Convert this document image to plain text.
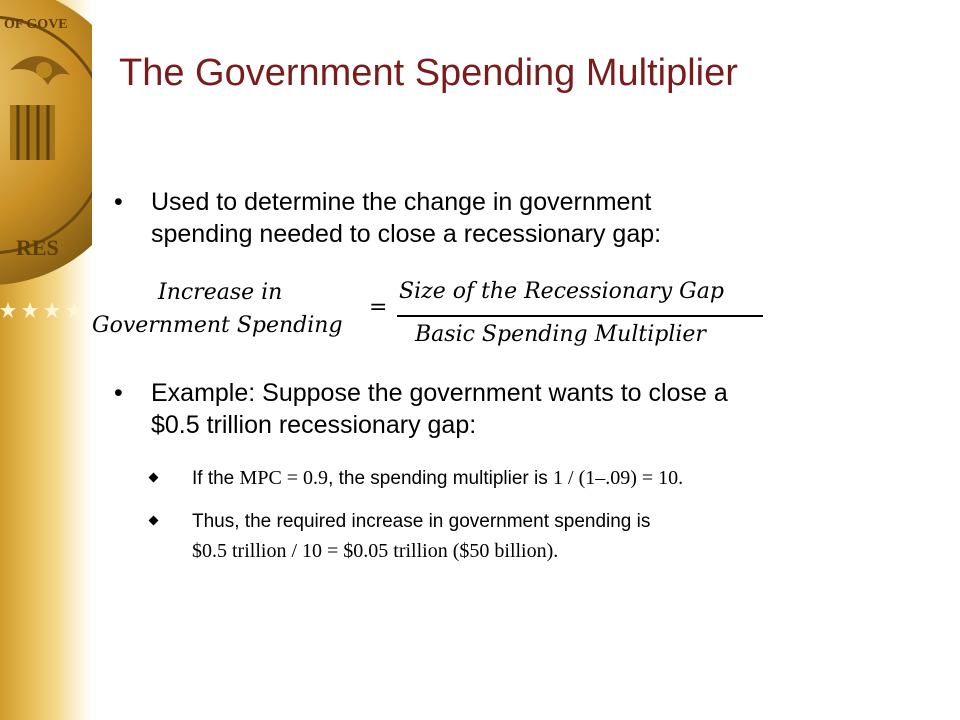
OF GOVE
RES
The Government Spending Multiplier
• Used to determine the change in government
spending needed to close a recessionary gap:
Increase in
Government Spending
=
Size of the Recessionary Gap
Basic Spending Multiplier
• Example: Suppose the government wants to close a
$0.5 trillion recessionary gap:
If the MPC = 0.9, the spending multiplier is 1 / (1–.09) = 10.
Thus, the required increase in government spending is
$0.5 trillion / 10 = $0.05 trillion ($50 billion).
